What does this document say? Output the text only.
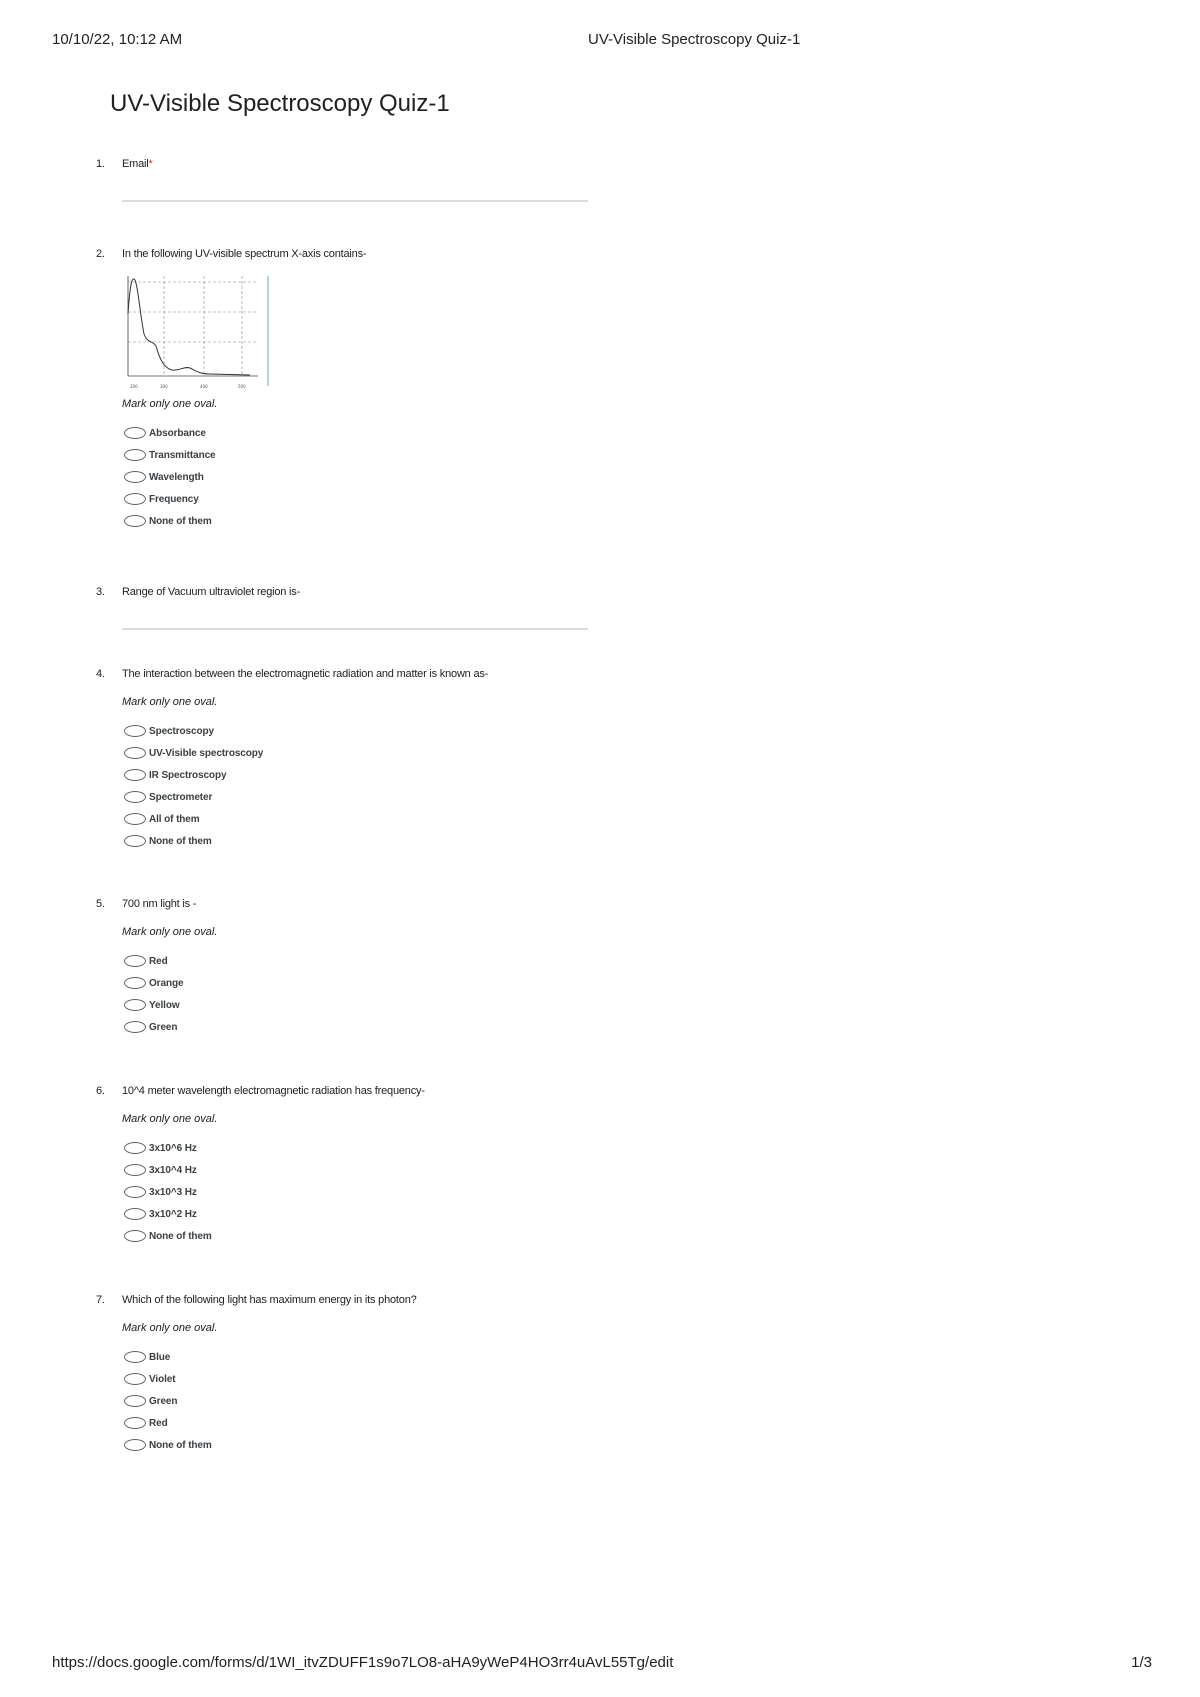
10/10/22, 10:12 AM	UV-Visible Spectroscopy Quiz-1
UV-Visible Spectroscopy Quiz-1
1.	Email *
2.	In the following UV-visible spectrum X-axis contains-
200	300	400	500
Mark only one oval.
Absorbance
Transmittance
Wavelength
Frequency
None of them
3.	Range of Vacuum ultraviolet region is-
4.	The interaction between the electromagnetic radiation and matter is known as-
Mark only one oval.
Spectroscopy
UV-Visible spectroscopy
IR Spectroscopy
Spectrometer
All of them
None of them
5.	700 nm light is -
Mark only one oval.
Red
Orange
Yellow
Green
6.	10^4 meter wavelength electromagnetic radiation has frequency-
Mark only one oval.
3x10^6 Hz
3x10^4 Hz
3x10^3 Hz
3x10^2 Hz
None of them
7.	Which of the following light has maximum energy in its photon?
Mark only one oval.
Blue
Violet
Green
Red
None of them
https://docs.google.com/forms/d/1WI_itvZDUFF1s9o7LO8-aHA9yWeP4HO3rr4uAvL55Tg/edit	1/3
